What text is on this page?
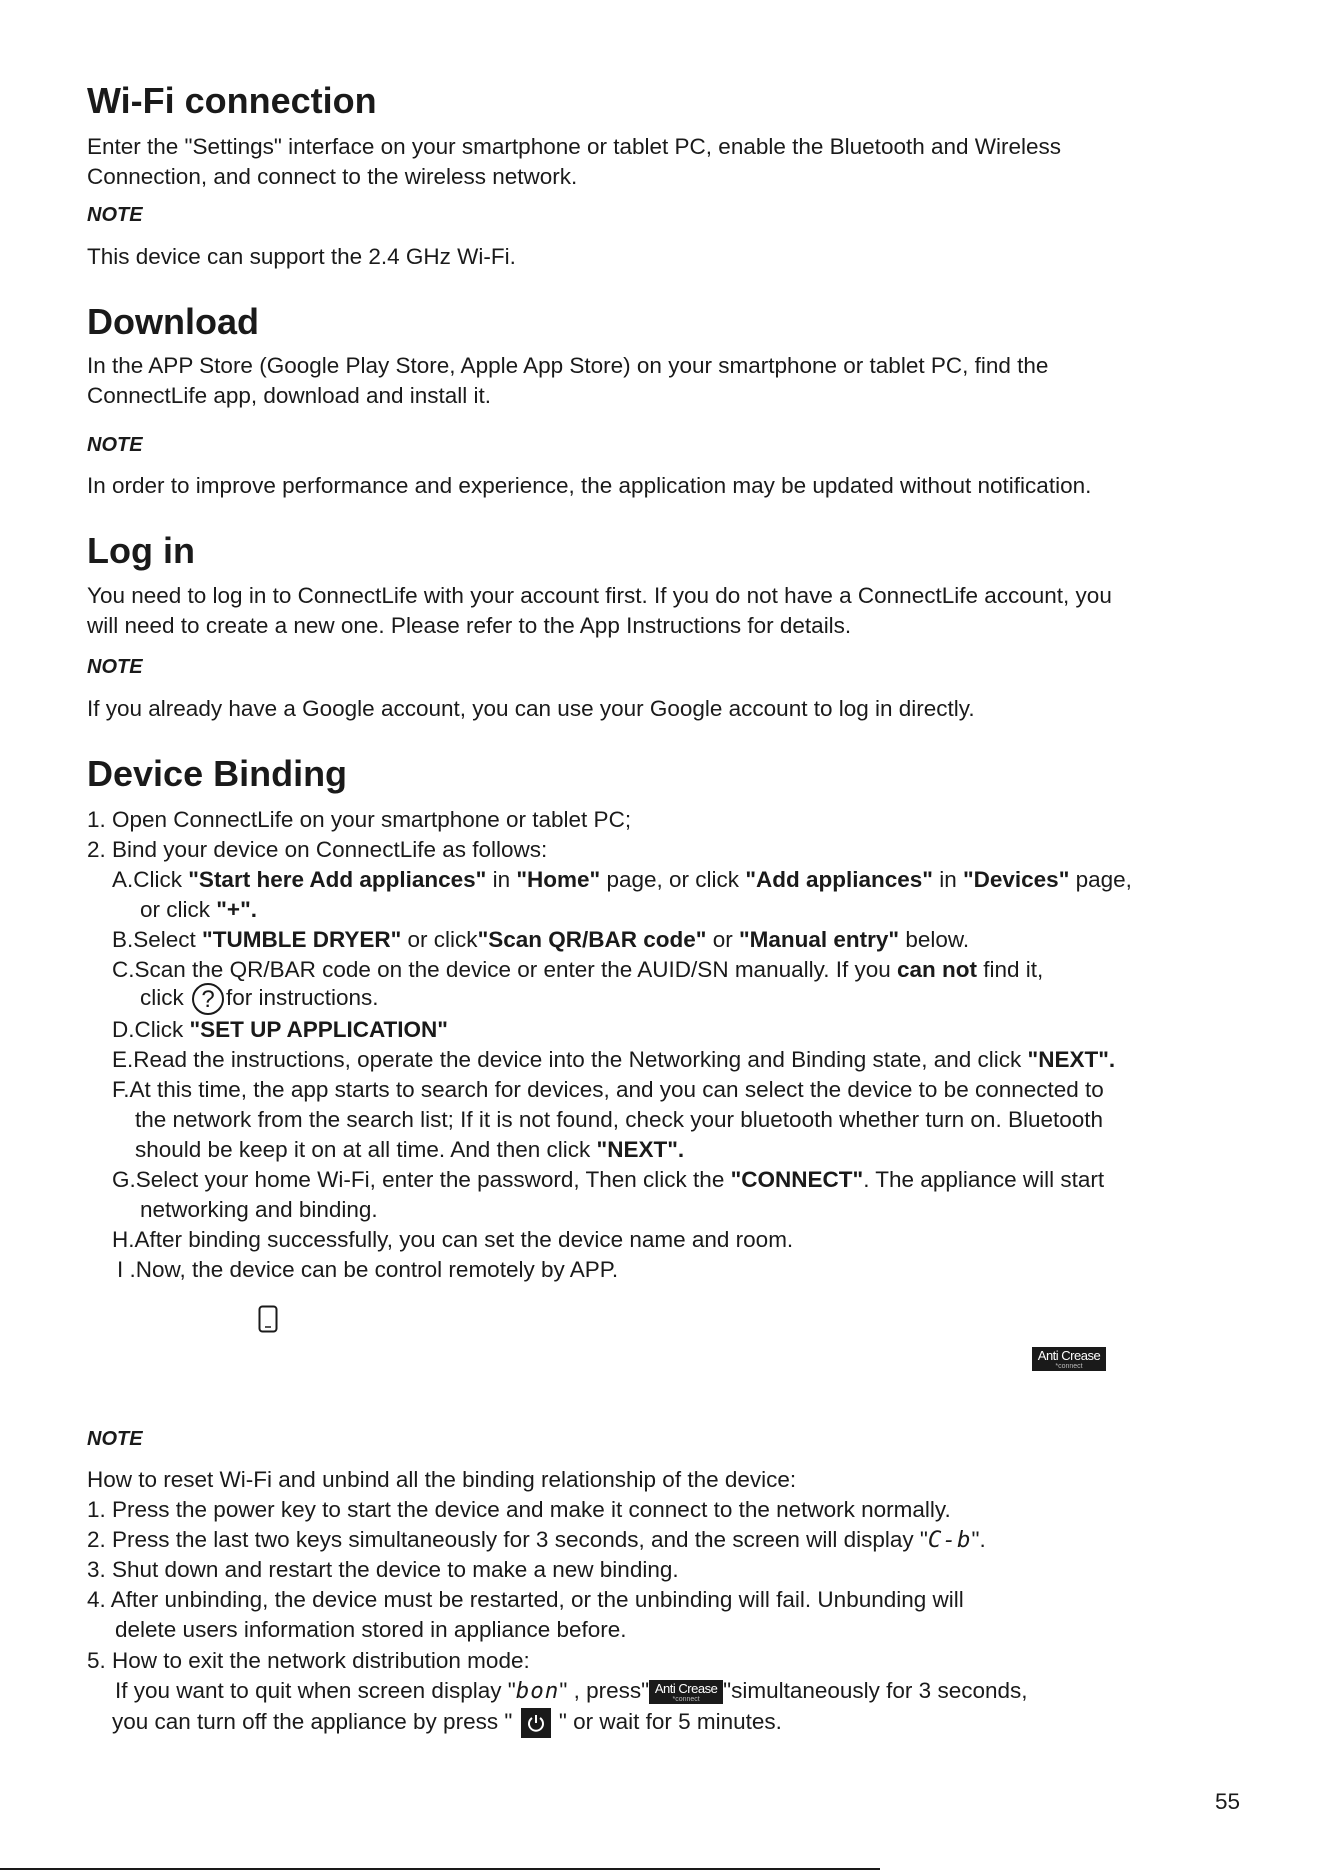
Wi-Fi connection
Enter the "Settings" interface on your smartphone or tablet PC, enable the Bluetooth and Wireless
Connection, and connect to the wireless network.
NOTE
This device can support the 2.4 GHz Wi-Fi.
Download
In the APP Store (Google Play Store, Apple App Store) on your smartphone or tablet PC, find the
ConnectLife app, download and install it.
NOTE
In order to improve performance and experience, the application may be updated without notification.
Log in
You need to log in to ConnectLife with your account first. If you do not have a ConnectLife account, you
will need to create a new one. Please refer to the App Instructions for details.
NOTE
If you already have a Google account, you can use your Google account to log in directly.
Device Binding
1. Open ConnectLife on your smartphone or tablet PC;
2. Bind your device on ConnectLife as follows:
A.Click "Start here Add appliances" in "Home" page, or click "Add appliances" in "Devices" page,
or click "+".
B.Select "TUMBLE DRYER" or click"Scan QR/BAR code" or "Manual entry" below.
C.Scan the QR/BAR code on the device or enter the AUID/SN manually. If you can not find it,
click ? for instructions.
D.Click "SET UP APPLICATION"
E.Read the instructions, operate the device into the Networking and Binding state, and click "NEXT".
F.At this time, the app starts to search for devices, and you can select the device to be connected to
the network from the search list; If it is not found, check your bluetooth whether turn on. Bluetooth
should be keep it on at all time. And then click "NEXT".
G.Select your home Wi-Fi, enter the password, Then click the "CONNECT". The appliance will start
networking and binding.
H.After binding successfully, you can set the device name and room.
I .Now, the device can be control remotely by APP.
Anti Crease
*connect
NOTE
How to reset Wi-Fi and unbind all the binding relationship of the device:
1. Press the power key to start the device and make it connect to the network normally.
2. Press the last two keys simultaneously for 3 seconds, and the screen will display "C-b".
3. Shut down and restart the device to make a new binding.
4. After unbinding, the device must be restarted, or the unbinding will fail. Unbunding will
delete users information stored in appliance before.
5. How to exit the network distribution mode:
If you want to quit when screen display "bon" , press" Anti Crease
*connect	"simultaneously for 3 seconds,
you can turn off the appliance by press "
" or wait for 5 minutes.
55
